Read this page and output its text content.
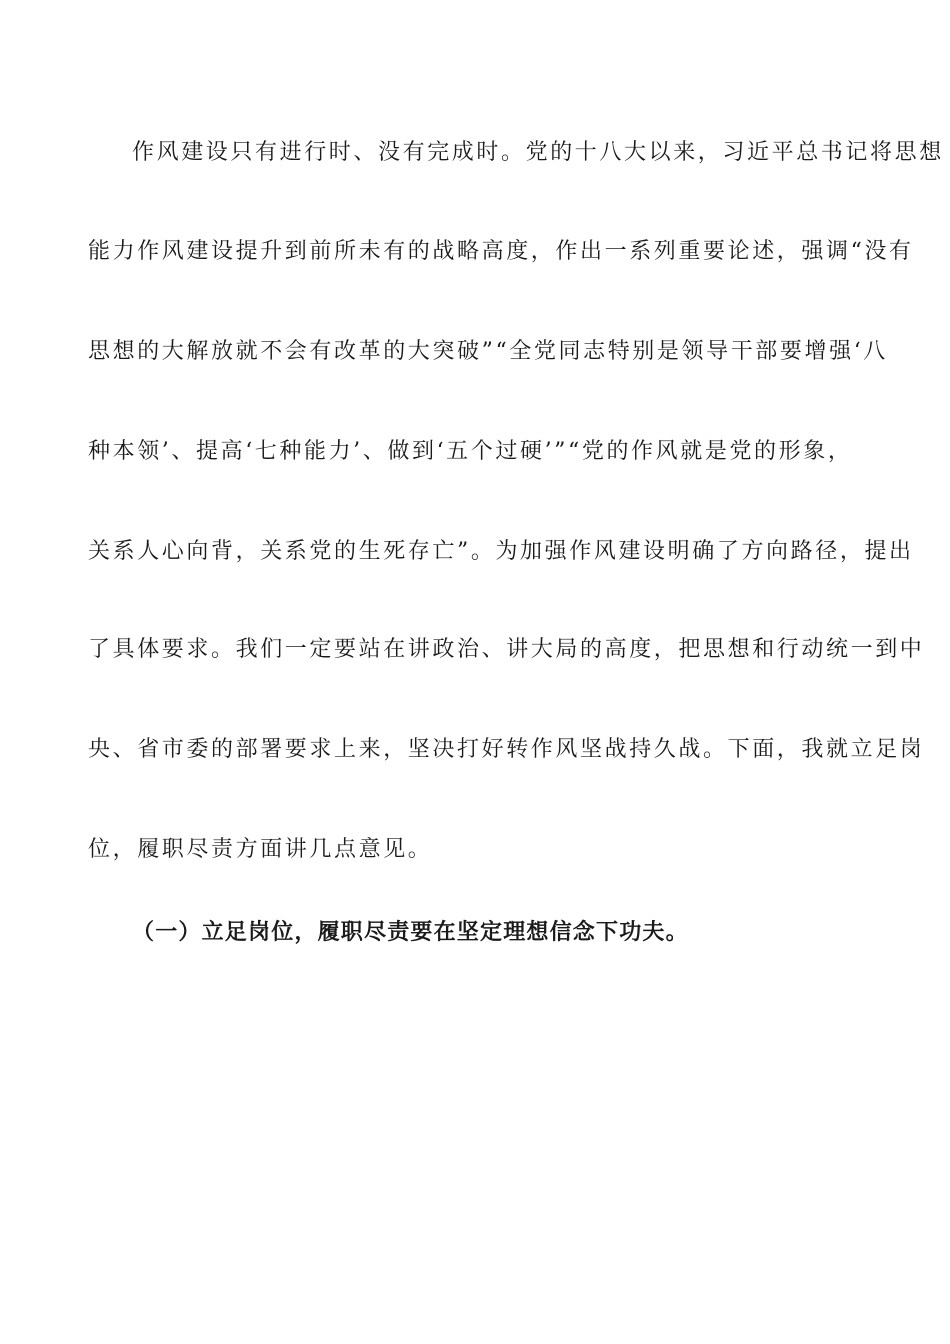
作风建设只有进行时、没有完成时。党的十八大以来，习近平总书记将思想
能力作风建设提升到前所未有的战略高度，作出一系列重要论述，强调“没有
思想的大解放就不会有改革的大突破”“全党同志特别是领导干部要增强‘八
种本领’、提高‘七种能力’、做到‘五个过硬’”“党的作风就是党的形象，
关系人心向背，关系党的生死存亡”。为加强作风建设明确了方向路径，提出
了具体要求。我们一定要站在讲政治、讲大局的高度，把思想和行动统一到中
央、省市委的部署要求上来，坚决打好转作风坚战持久战。下面，我就立足岗
位，履职尽责方面讲几点意见。
（一）立足岗位，履职尽责要在坚定理想信念下功夫。
